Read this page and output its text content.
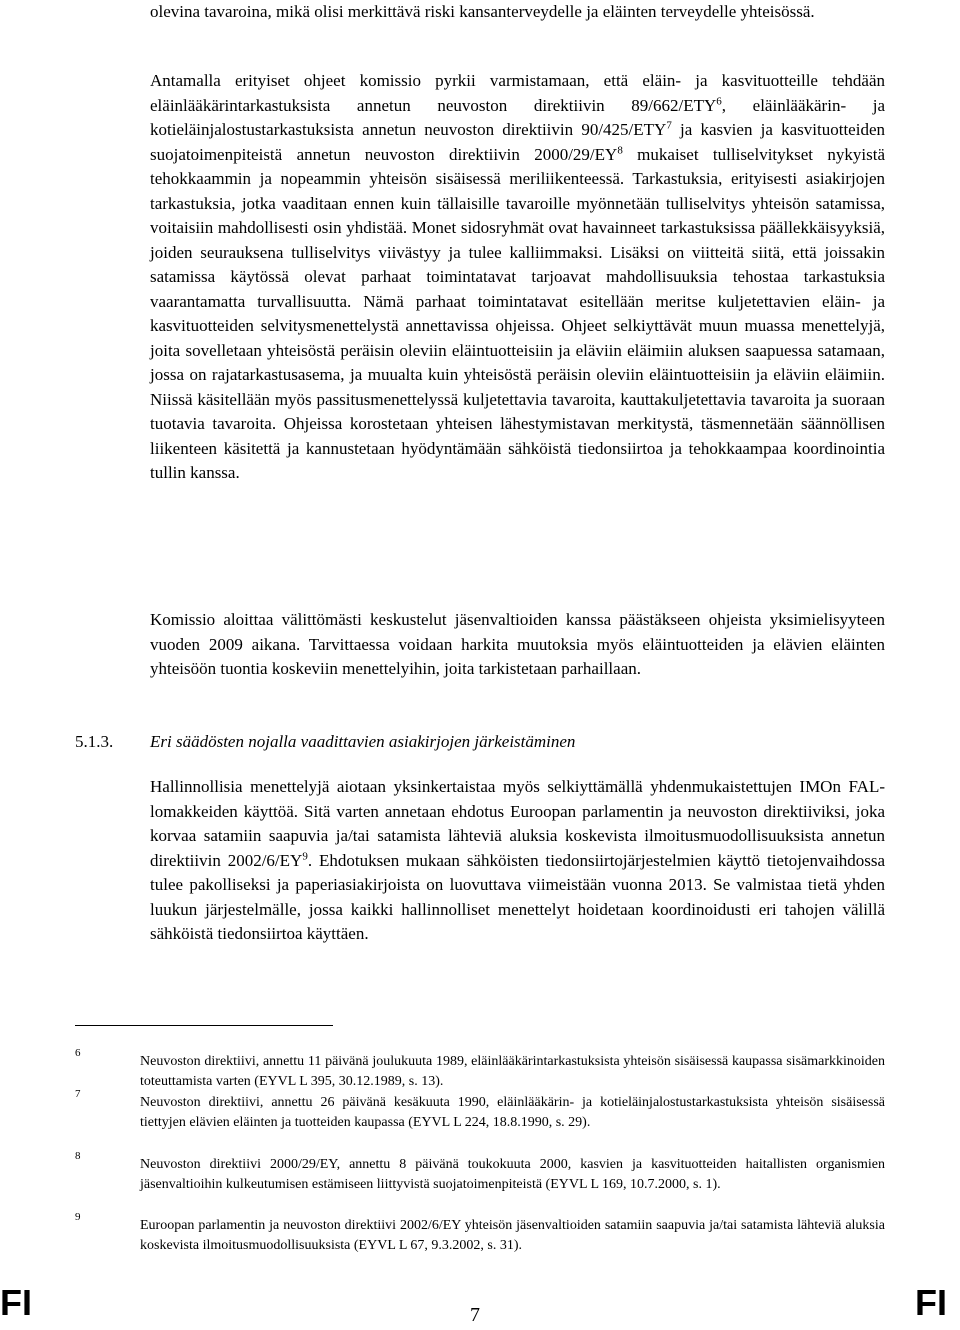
olevina tavaroina, mikä olisi merkittävä riski kansanterveydelle ja eläinten terveydelle yhteisössä.

Antamalla erityiset ohjeet komissio pyrkii varmistamaan, että eläin- ja kasvituotteille tehdään eläinlääkärintarkastuksista annetun neuvoston direktiivin 89/662/ETY$^6$, eläinlääkärin- ja kotieläinjalostustarkastuksista annetun neuvoston direktiivin 90/425/ETY$^7$ ja kasvien ja kasvituotteiden suojatoimenpiteistä annetun neuvoston direktiivin $2000/29/EY^8$ mukaiset tulliselvitykset nykyistä tehokkaammin ja nopeammin yhteisön sisäisessä meriliikenteessä. Tarkastuksia, erityisesti asiakirjojen tarkastuksia, jotka vaaditaan ennen kuin tällaisille tavaroille myönnetään tulliselvitys yhteisön satamissa, voitaisiin mahdollisesti osin yhdistää. Monet sidosryhmät ovat havainneet tarkastuksissa päällekkäisyyksiä, joiden seurauksena tulliselvitys viivästyy ja tulee kalliimmaksi. Lisäksi on viitteitä siitä, että joissakin satamissa käytössä olevat parhaat toimintatavat tarjoavat mahdollisuuksia tehostaa tarkastuksia vaarantamatta turvallisuutta. Nämä parhaat toimintatavat esitellään meritse kuljetettavien eläin- ja kasvituotteiden selvitysmenettelystä annettavissa ohjeissa. Ohjeet selkiyttävät muun muassa menettelyjä, joita sovelletaan yhteisöstä peräisin oleviin eläintuotteisiin ja eläviin eläimiin aluksen saapuessa satamaan, jossa on rajatarkastusasema, ja muualta kuin yhteisöstä peräisin oleviin eläintuotteisiin ja eläviin eläimiin. Niissä käsitellään myös passitusmenettelyssä kuljetettavia tavaroita, kauttakuljetettavia tavaroita ja suoraan tuotavia tavaroita. Ohjeissa korostetaan yhteisen lähestymistavan merkitystä, täsmennetään säännöllisen liikenteen käsitettä ja kannustetaan hyödyntämään sähköistä tiedonsiirtoa ja tehokkaampaa koordinointia tullin kanssa.

Komissio aloittaa välittömästi keskustelut jäsenvaltioiden kanssa päästäkseen ohjeista yksimielisyyteen vuoden 2009 aikana. Tarvittaessa voidaan harkita muutoksia myös eläintuotteiden ja elävien eläinten yhteisöön tuontia koskeviin menettelyihin, joita tarkistetaan parhaillaan.

5.1.3. Eri säädösten nojalla vaadittavien asiakirjojen järkeistäminen

Hallinnollisia menettelyjä aiotaan yksinkertaistaa myös selkiyttämällä yhdenmukaistettujen IMOn FAL-lomakkeiden käyttöä. Sitä varten annetaan ehdotus Euroopan parlamentin ja neuvoston direktiiviksi, joka korvaa satamiin saapuvia ja/tai satamista lähteviä aluksia koskevista ilmoitusmuodollisuuksista annetun direktiivin $2002/6/EY^9$. Ehdotuksen mukaan sähköisten tiedonsiirtojärjestelmien käyttö tietojenvaihdossa tulee pakolliseksi ja paperiasiakirjoista on luovuttava viimeistään vuonna 2013. Se valmistaa tietä yhden luukun järjestelmälle, jossa kaikki hallinnolliset menettelyt hoidetaan koordinoidusti eri tahojen välillä sähköistä tiedonsiirtoa käyttäen.

6
Neuvoston direktiivi, annettu 11 päivänä joulukuuta 1989, eläinlääkärintarkastuksista yhteisön sisäisessä kaupassa sisämarkkinoiden toteuttamista varten (EYVL L 395, 30.12.1989, s. 13).
7
Neuvoston direktiivi, annettu 26 päivänä kesäkuuta 1990, eläinlääkärin- ja kotieläinjalostustarkastuksista yhteisön sisäisessä tiettyjen elävien eläinten ja tuotteiden kaupassa (EYVL L 224, 18.8.1990, s. 29).
8
Neuvoston direktiivi 2000/29/EY, annettu 8 päivänä toukokuuta 2000, kasvien ja kasvituotteiden haitallisten organismien jäsenvaltioihin kulkeutumisen estämiseen liittyvistä suojatoimenpiteistä (EYVL L 169, 10.7.2000, s. 1).
9
Euroopan parlamentin ja neuvoston direktiivi 2002/6/EY yhteisön jäsenvaltioiden satamiin saapuvia ja/tai satamista lähteviä aluksia koskevista ilmoitusmuodollisuuksista (EYVL L 67, 9.3.2002, s. 31).
FI	7	FI
